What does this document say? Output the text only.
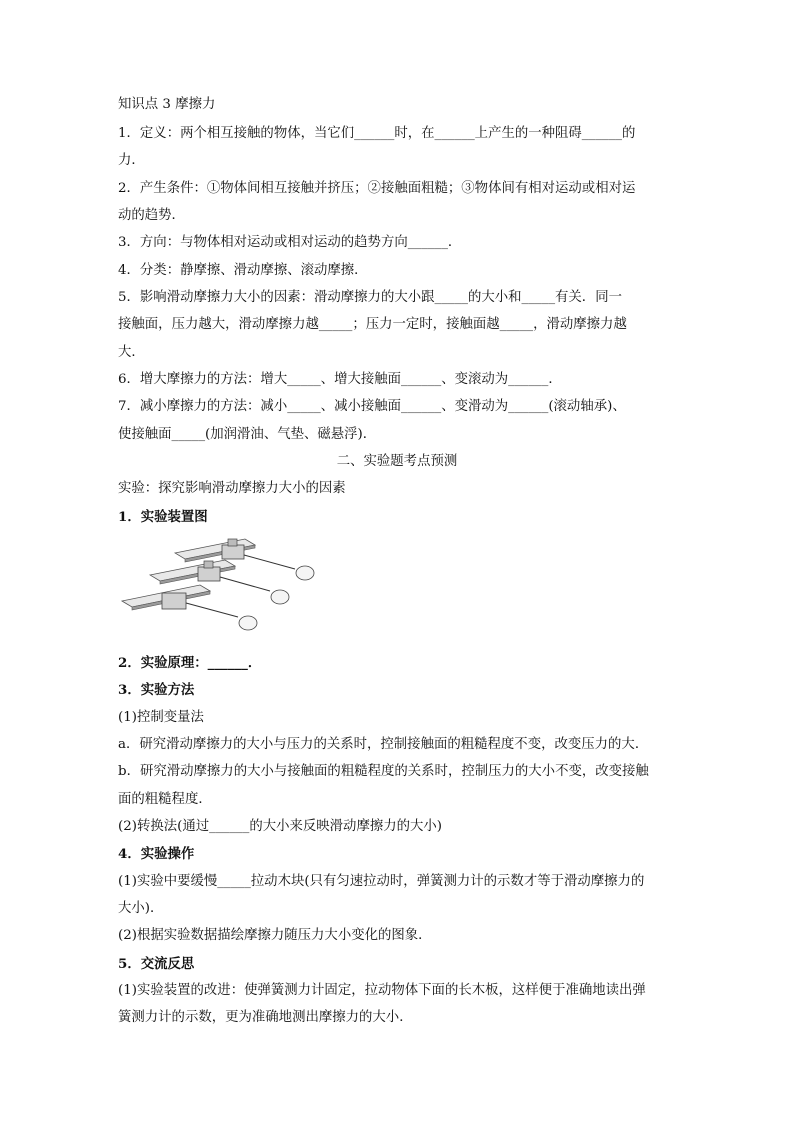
知识点 3 摩擦力
1．定义：两个相互接触的物体，当它们______时，在______上产生的一种阻碍______的
力．
2．产生条件：①物体间相互接触并挤压；②接触面粗糙；③物体间有相对运动或相对运
动的趋势．
3．方向：与物体相对运动或相对运动的趋势方向______．
4．分类：静摩擦、滑动摩擦、滚动摩擦．
5．影响滑动摩擦力大小的因素：滑动摩擦力的大小跟_____的大小和_____有关．同一
接触面，压力越大，滑动摩擦力越_____；压力一定时，接触面越_____，滑动摩擦力越
大．
6．增大摩擦力的方法：增大_____、增大接触面______、变滚动为______．
7．减小摩擦力的方法：减小_____、减小接触面______、变滑动为______(滚动轴承)、
使接触面_____(加润滑油、气垫、磁悬浮)．
二、实验题考点预测
实验：探究影响滑动摩擦力大小的因素
1．实验装置图
2．实验原理：______．
3．实验方法
(1)控制变量法
a．研究滑动摩擦力的大小与压力的关系时，控制接触面的粗糙程度不变，改变压力的大．
b．研究滑动摩擦力的大小与接触面的粗糙程度的关系时，控制压力的大小不变，改变接触
面的粗糙程度．
(2)转换法(通过______的大小来反映滑动摩擦力的大小)
4．实验操作
(1)实验中要缓慢_____拉动木块(只有匀速拉动时，弹簧测力计的示数才等于滑动摩擦力的
大小)．
(2)根据实验数据描绘摩擦力随压力大小变化的图象．
5．交流反思
(1)实验装置的改进：使弹簧测力计固定，拉动物体下面的长木板，这样便于准确地读出弹
簧测力计的示数，更为准确地测出摩擦力的大小．
